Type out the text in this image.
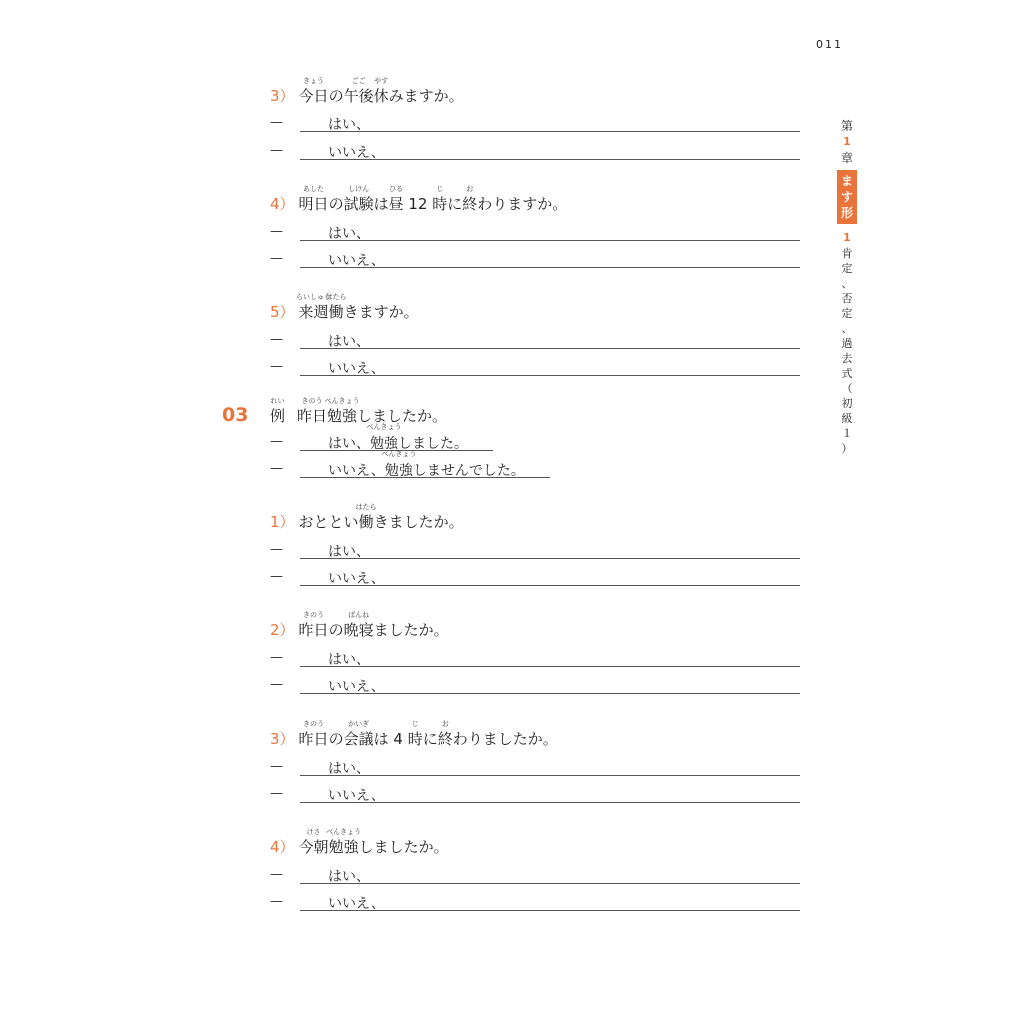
011
3）
きょう
今日の
ごご
午後
やす
休みますか。
—	はい、
—	いいえ、
4）
あした
明日の
しけん
試験は
ひる
昼 12
じ
時に
お
終わりますか。
—	はい、
—	いいえ、
5）
らいしゅう
来週
はたら
働きますか。
—	はい、
—	いいえ、
03
れい
例
きのう
昨日
べんきょう
勉強しましたか。
—	はい、
べんきょう
勉強しました。
—	いいえ、
べんきょう
勉強しませんでした。
1） おととい
はたら
働きましたか。
—	はい、
—	いいえ、
2）
きのう
昨日の
ばんね
晩寝ましたか。
—	はい、
—	いいえ、
3）
きのう
昨日の
かいぎ
会議は 4
じ
時に
お
終わりましたか。
—	はい、
—	いいえ、
4）
けさ
今朝
べんきょう
勉強しましたか。
—	はい、
—	いいえ、
第
1
章
ま
す
形
1
肯
定
、
否
定
、
過
去
式
（
初
級
１
）
